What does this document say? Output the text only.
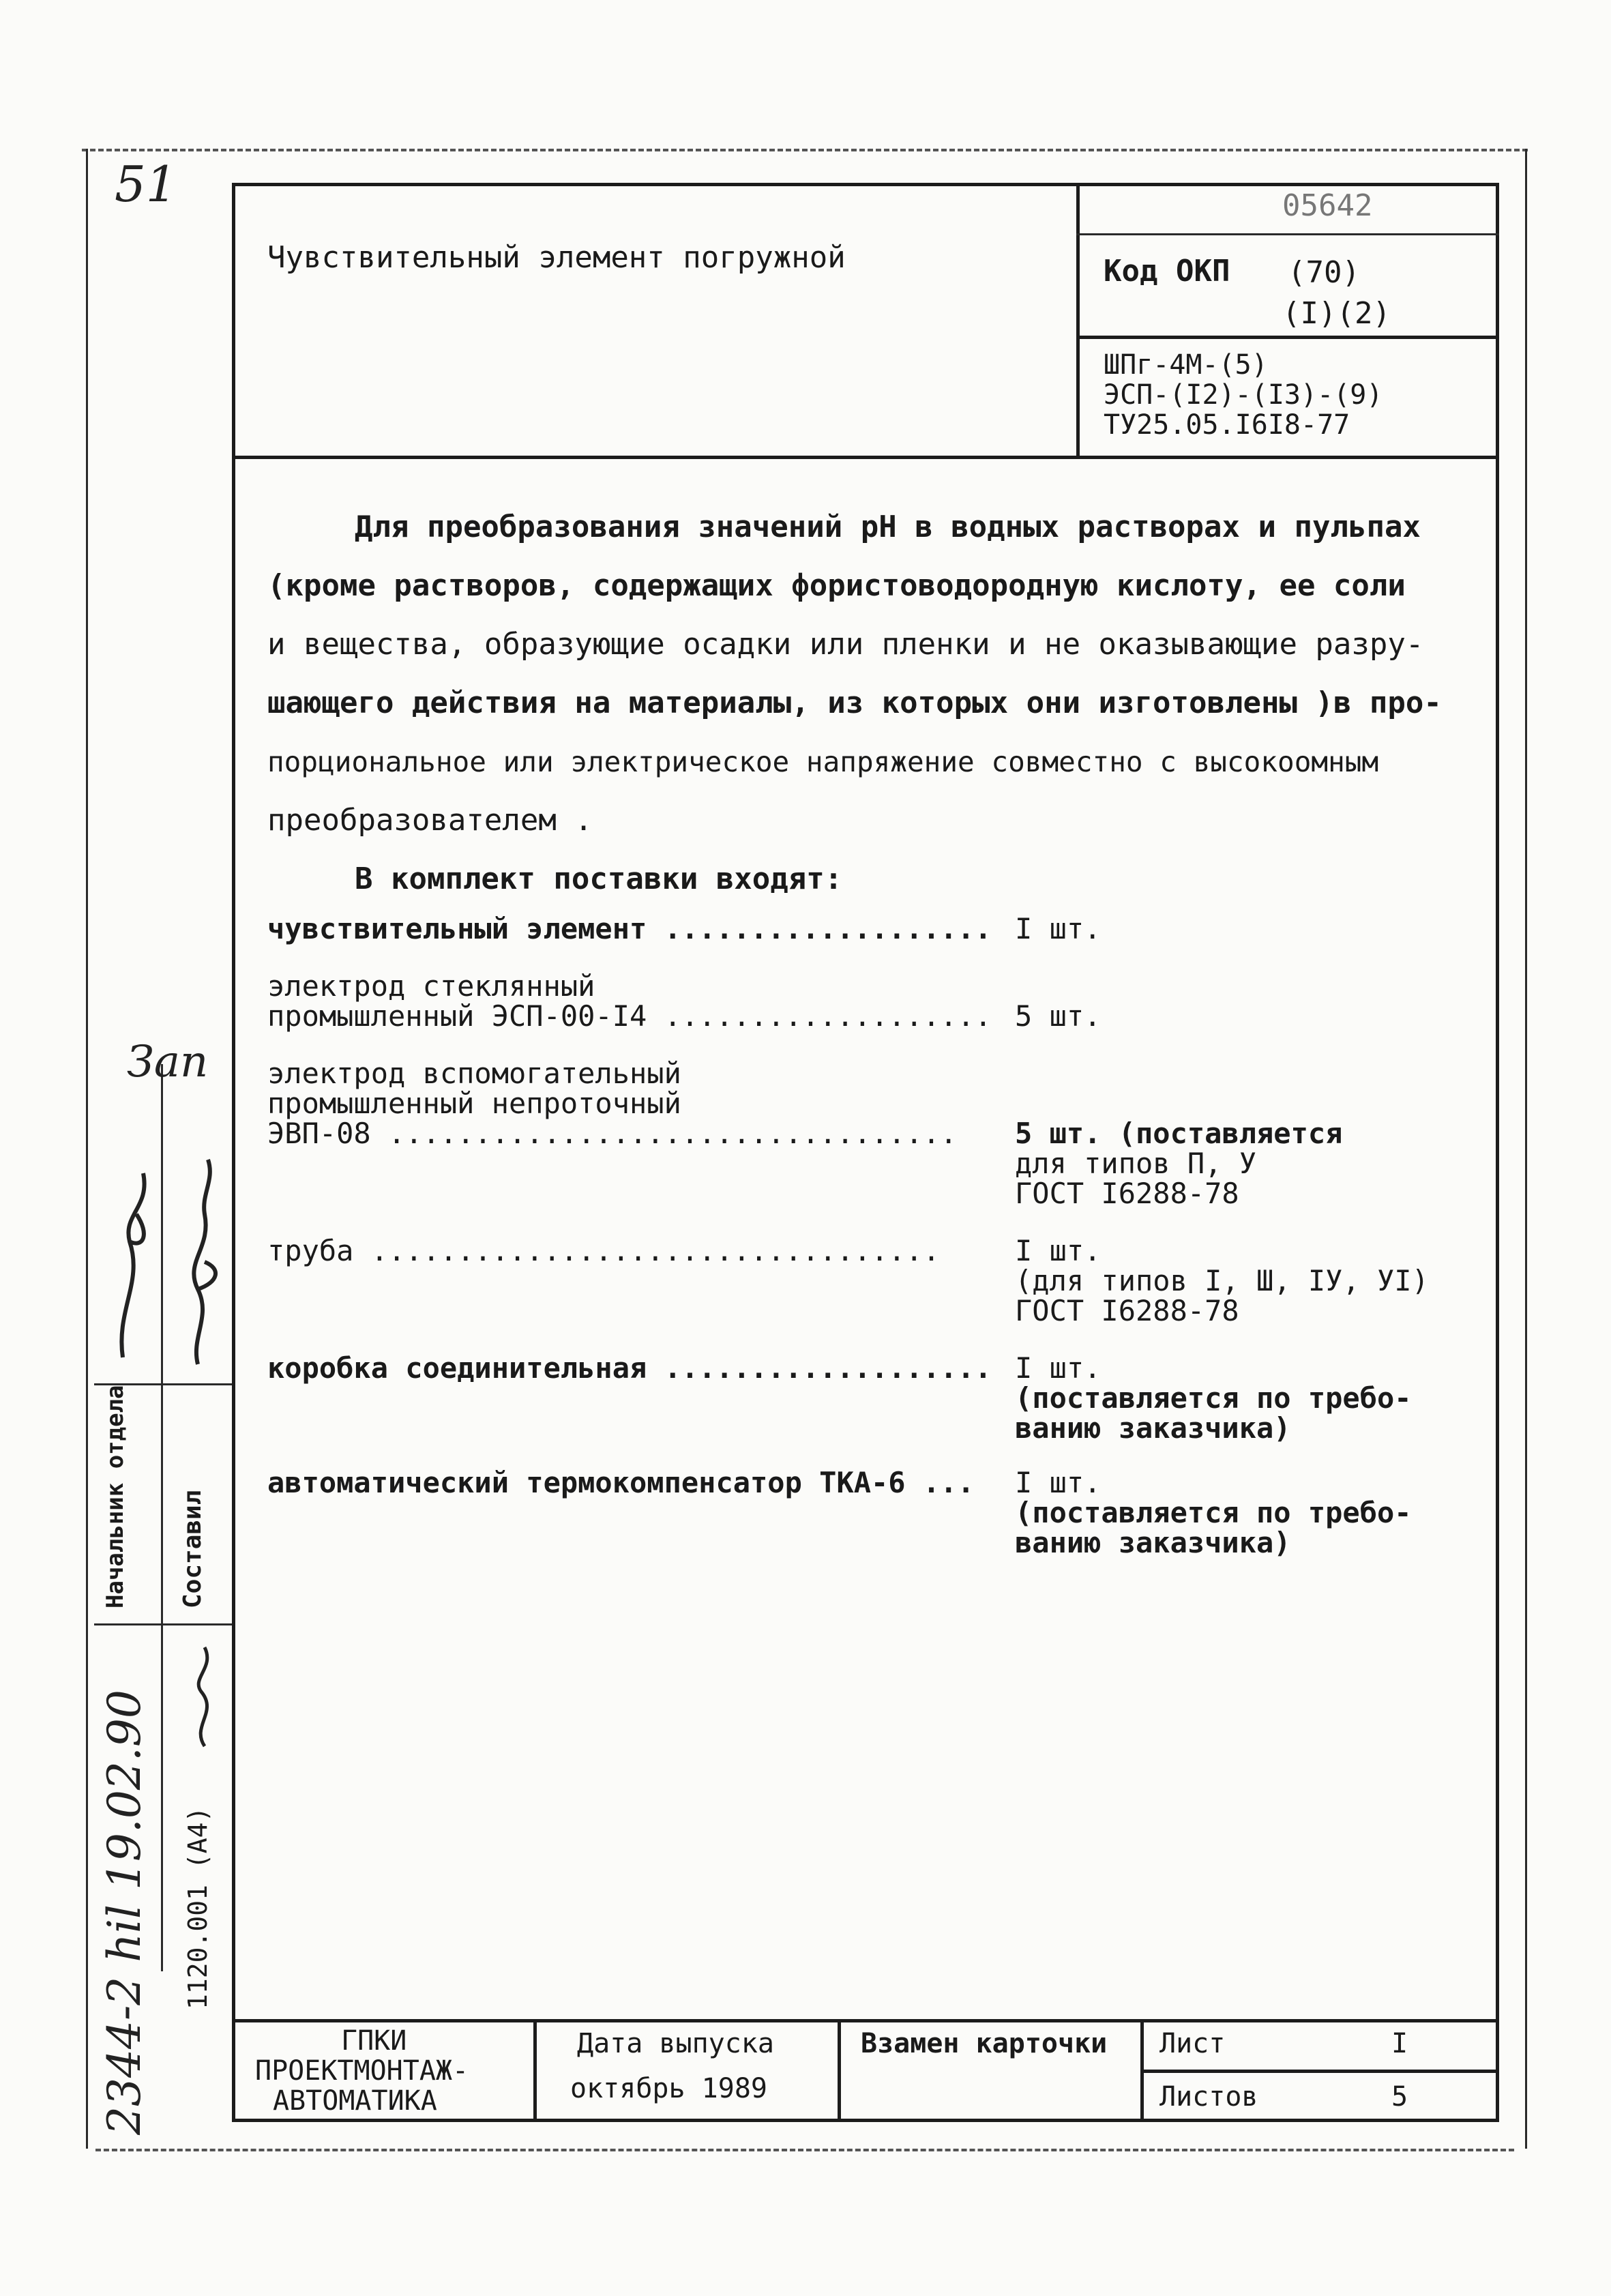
51
Чувствительный элемент погружной
05642
Код ОКП (70)
(I)(2)
ШПг-4М-(5)
ЭСП-(I2)-(I3)-(9)
ТУ25.05.I6I8-77
Для преобразования значений pH в водных растворах и пульпах
(кроме растворов, содержащих фористоводородную кислоту, ее соли
и вещества, образующие осадки или пленки и не оказывающие разру-
шающего действия на материалы, из которых они изготовлены )в про-
порциональное или электрическое напряжение совместно с высокоомным
преобразователем .
В комплект поставки входят:
чувствительный элемент ................... I шт.
электрод стеклянный
промышленный ЭСП-00-I4 ................... 5 шт.
электрод вспомогательный
промышленный непроточный
ЭВП-08 ................................. 5 шт. (поставляется
для типов П, У
ГОСТ I6288-78
труба .................................	I шт.
(для типов I, Ш, IУ, УI)
ГОСТ I6288-78
коробка соединительная ................... I шт.
(поставляется по требо-
ванию заказчика)
автоматический термокомпенсатор ТКА-6 ... I шт.
(поставляется по требо-
ванию заказчика)
ГПКИ
ПРОЕКТМОНТАЖ-
АВТОМАТИКА
Дата выпуска
октябрь 1989
Взамен карточки Лист	I
Листов	5
Начальник отдела Составил
1120.001 (А4)
Зап
2344-2 hil 19.02.90
